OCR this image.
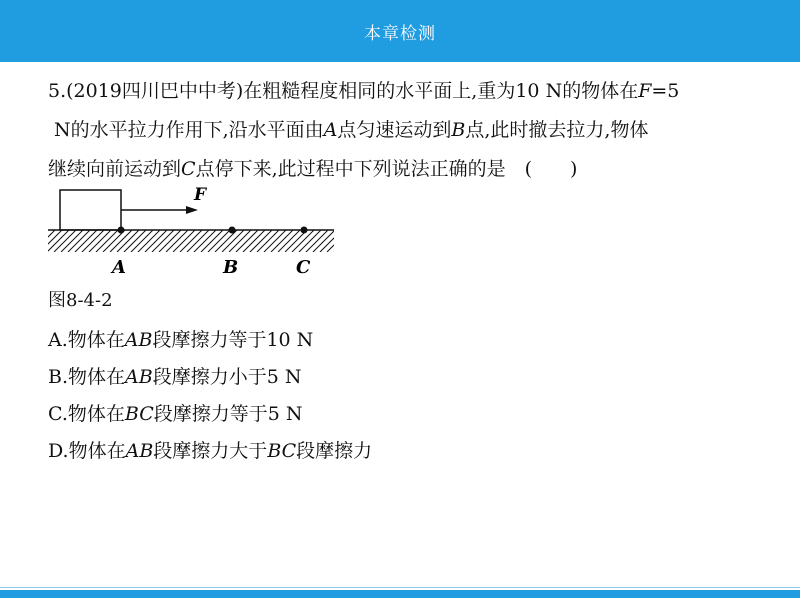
本章检测
5.(2019四川巴中中考)在粗糙程度相同的水平面上,重为10 N的物体在F=5
N的水平拉力作用下,沿水平面由A点匀速运动到B点,此时撤去拉力,物体
继续向前运动到C点停下来,此过程中下列说法正确的是　(　　)
F
A	B	C
图8-4-2
A.物体在AB段摩擦力等于10 N
B.物体在AB段摩擦力小于5 N
C.物体在BC段摩擦力等于5 N
D.物体在AB段摩擦力大于BC段摩擦力
